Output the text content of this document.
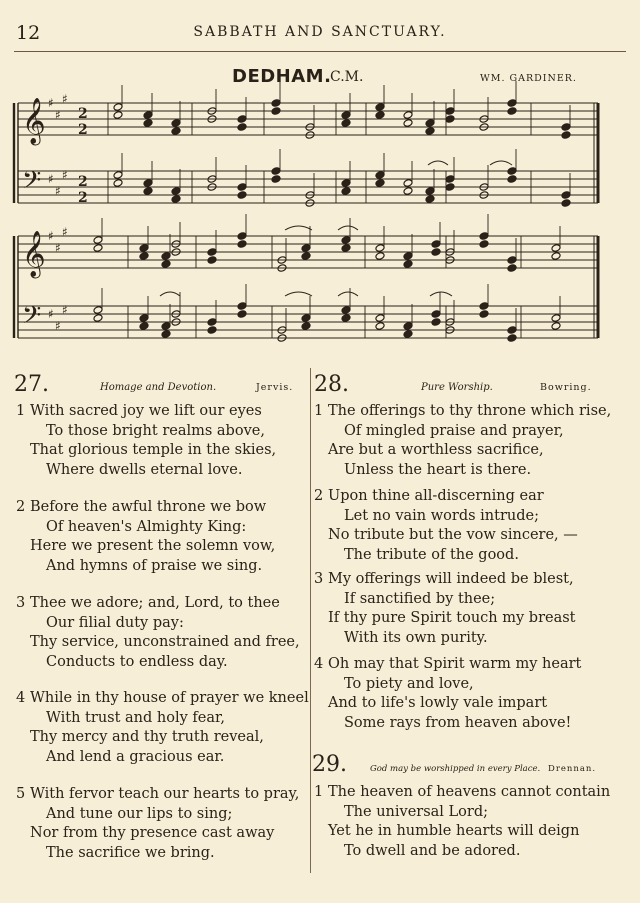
12	SABBATH AND SANCTUARY.
DEDHAM.
C.M.	WM. GARDINER.
𝄞 ♯
♯
♯
𝄢 ♯
♯
♯
𝄞 ♯
♯
♯
𝄢 ♯
♯
♯
2
2
2
2
27.	Homage and Devotion.	Jervis. 28.	Pure Worship.	Bowring.
29.	God may be worshipped in every Place. Drennan.
1 With sacred joy we lift our eyes
To those bright realms above,
That glorious temple in the skies,
Where dwells eternal love.
2 Before the awful throne we bow
Of heaven's Almighty King:
Here we present the solemn vow,
And hymns of praise we sing.
3 Thee we adore; and, Lord, to thee
Our filial duty pay:
Thy service, unconstrained and free,
Conducts to endless day.
4 While in thy house of prayer we kneel
With trust and holy fear,
Thy mercy and thy truth reveal,
And lend a gracious ear.
5 With fervor teach our hearts to pray,
And tune our lips to sing;
Nor from thy presence cast away
The sacrifice we bring.
1 The offerings to thy throne which rise,
Of mingled praise and prayer,
Are but a worthless sacrifice,
Unless the heart is there.
2 Upon thine all-discerning ear
Let no vain words intrude;
No tribute but the vow sincere, —
The tribute of the good.
3 My offerings will indeed be blest,
If sanctified by thee;
If thy pure Spirit touch my breast
With its own purity.
4 Oh may that Spirit warm my heart
To piety and love,
And to life's lowly vale impart
Some rays from heaven above!
1 The heaven of heavens cannot contain
The universal Lord;
Yet he in humble hearts will deign
To dwell and be adored.
